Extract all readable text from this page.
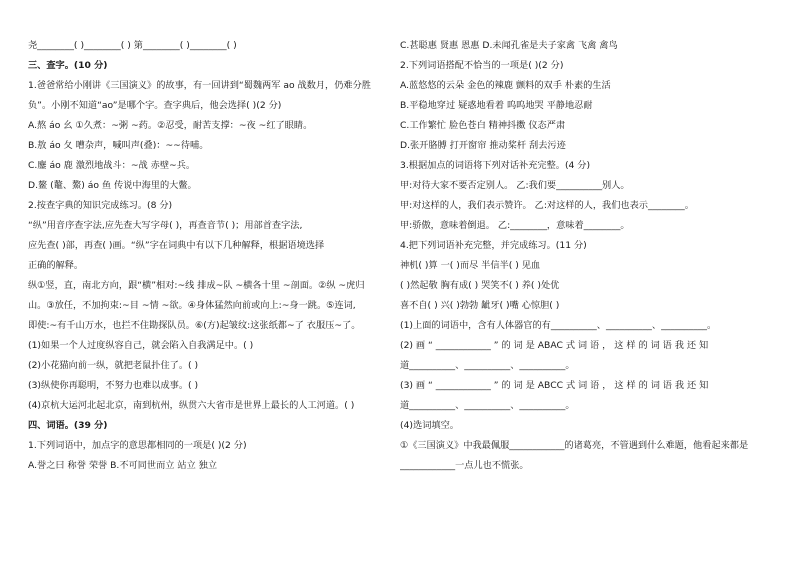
尧________( )________( ) 第________( )________( )
三、查字。(10 分)
1.爸爸常给小刚讲《三国演义》的故事，有一回讲到“蜀魏两军 ao 战数月，仍难分胜
负”。小刚不知道“ao”是哪个字。查字典后，他会选择( )(2 分)
A.熬 áo 幺 ①久煮：~粥 ~药。②忍受，耐苦支撑：~夜 ~红了眼睛。
B.敖 áo 夂 嘈杂声，喊叫声(叠)：~~待哺。
C.鏖 áo 鹿 激烈地战斗：~战 赤壁~兵。
D.鳌 (鼇、鰲) áo 鱼 传说中海里的大鳖。
2.按查字典的知识完成练习。(8 分)
“纵”用音序查字法,应先查大写字母( )，再查音节( )；用部首查字法,
应先查( )部，再查( )画。“纵”字在词典中有以下几种解释，根据语境选择
正确的解释。
纵①竖，直，南北方向，跟“横”相对:~线 排成~队 ~横各十里 ~剖面。②纵 ~虎归
山。③放任，不加拘束:~目 ~情 ~欲。④身体猛然向前或向上:~身一跳。⑤连词,
即使:~有千山万水，也拦不住勘探队员。⑥(方)起皱纹:这张纸都~了 衣服压~了。
(1)如果一个人过度纵容自己，就会陷入自我满足中。( )
(2)小花猫向前一纵，就把老鼠扑住了。( )
(3)纵使你再聪明，不努力也难以成事。( )
(4)京杭大运河北起北京，南到杭州，纵贯六大省市是世界上最长的人工河道。( )
四、词语。(39 分)
1.下列词语中，加点字的意思都相同的一项是( )(2 分)
A.誉之曰 称誉 荣誉 B.不可同世而立 站立 独立
C.甚聪惠 贤惠 恩惠 D.未闻孔雀是夫子家禽 飞禽 禽鸟
2.下列词语搭配不恰当的一项是( )(2 分)
A.蓝悠悠的云朵 金色的辣鹿 颤料的双手 朴素的生活
B.平稳地穿过 疑惑地看着 呜呜地哭 平静地忍耐
C.工作繁忙 脸色苍白 精神抖擞 仪态严肃
D.张开胳膊 打开窗帘 推动桨杆 刮去污迹
3.根据加点的词语将下列对话补充完整。(4 分)
甲:对待大家不要否定别人。 乙:我们要__________别人。
甲:对这样的人，我们表示赞许。 乙:对这样的人，我们也表示________。
甲:骄傲，意味着倒退。 乙:________，意味着________。
4.把下列词语补充完整，并完成练习。(11 分)
神机( )算 一( )而尽 半信半( ) 见血
( )然起敬 胸有成( ) 哭笑不( ) 养( )处优
喜不自( ) 兴( )勃勃 龇牙( )嘴 心惊胆( )
(1)上面的词语中，含有人体器官的有__________、__________、__________。
(2) 画 “ ____________ ” 的 词 是 ABAC 式 词 语 ， 这 样 的 词 语 我 还 知
道__________、__________、__________。
(3) 画 “ ____________ ” 的 词 是 ABCC 式 词 语 ， 这 样 的 词 语 我 还 知
道__________、__________、__________。
(4)选词填空。
①《三国演义》中我最佩服____________的诸葛亮，不管遇到什么难题，他看起来都是
____________一点儿也不慌张。
